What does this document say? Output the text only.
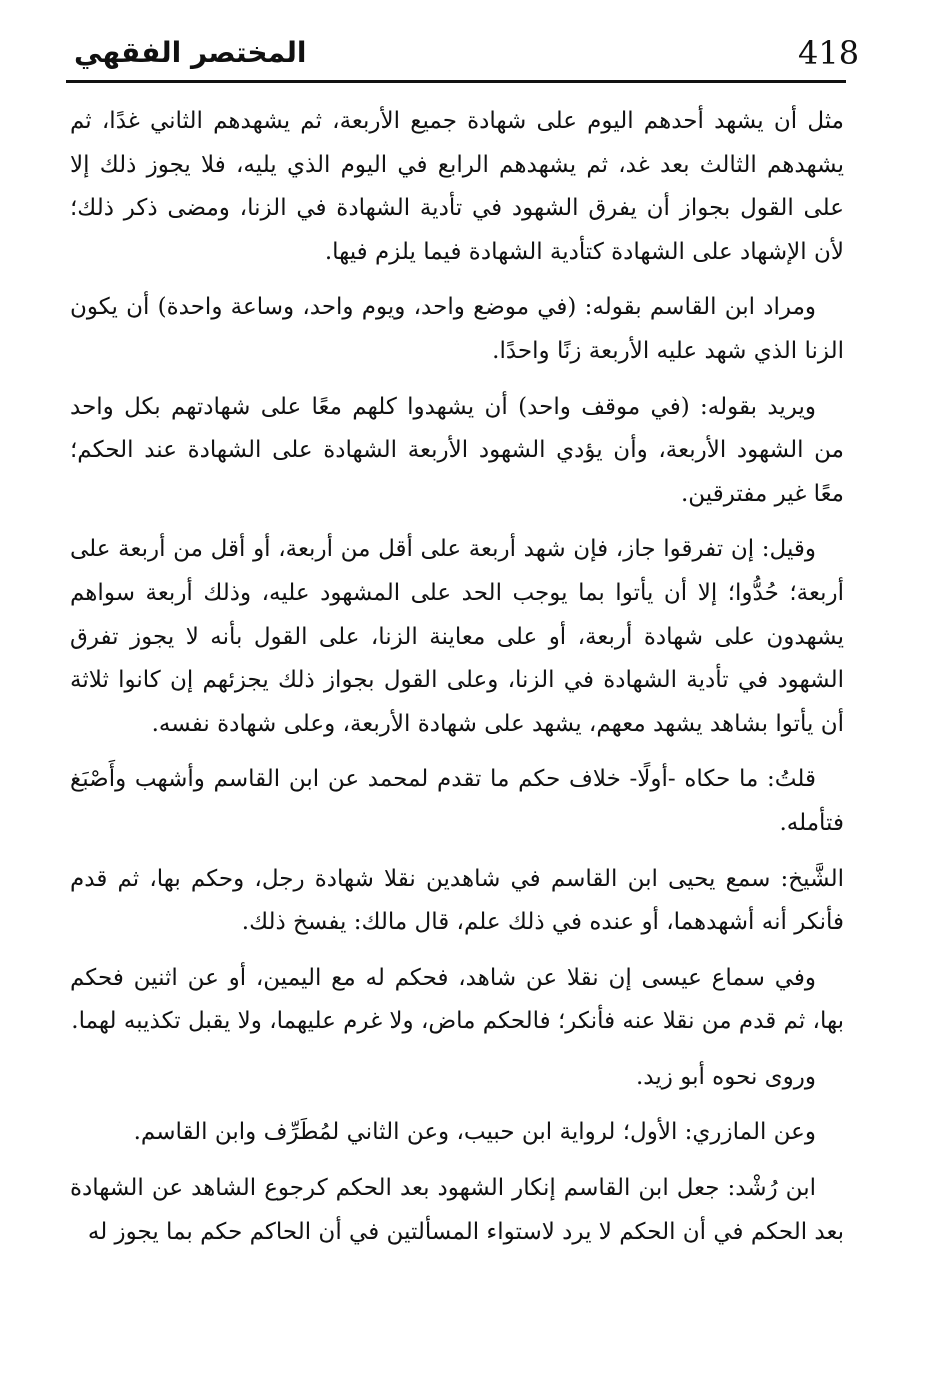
418
المختصر الفقهي

مثل أن يشهد أحدهم اليوم على شهادة جميع الأربعة، ثم يشهدهم الثاني غدًا، ثم يشهدهم الثالث بعد غد، ثم يشهدهم الرابع في اليوم الذي يليه، فلا يجوز ذلك إلا على القول بجواز أن يفرق الشهود في تأدية الشهادة في الزنا، ومضى ذكر ذلك؛ لأن الإشهاد على الشهادة كتأدية الشهادة فيما يلزم فيها.

ومراد ابن القاسم بقوله: (في موضع واحد، ويوم واحد، وساعة واحدة) أن يكون الزنا الذي شهد عليه الأربعة زنًا واحدًا.

ويريد بقوله: (في موقف واحد) أن يشهدوا كلهم معًا على شهادتهم بكل واحد من الشهود الأربعة، وأن يؤدي الشهود الأربعة الشهادة على الشهادة عند الحكم؛ معًا غير مفترقين.

وقيل: إن تفرقوا جاز، فإن شهد أربعة على أقل من أربعة، أو أقل من أربعة على أربعة؛ حُدُّوا؛ إلا أن يأتوا بما يوجب الحد على المشهود عليه، وذلك أربعة سواهم يشهدون على شهادة أربعة، أو على معاينة الزنا، على القول بأنه لا يجوز تفرق الشهود في تأدية الشهادة في الزنا، وعلى القول بجواز ذلك يجزئهم إن كانوا ثلاثة أن يأتوا بشاهد يشهد معهم، يشهد على شهادة الأربعة، وعلى شهادة نفسه.

قلتُ: ما حكاه -أولًا- خلاف حكم ما تقدم لمحمد عن ابن القاسم وأشهب وأَصْبَغ فتأمله.

الشَّيخ: سمع يحيى ابن القاسم في شاهدين نقلا شهادة رجل، وحكم بها، ثم قدم فأنكر أنه أشهدهما، أو عنده في ذلك علم، قال مالك: يفسخ ذلك.

وفي سماع عيسى إن نقلا عن شاهد، فحكم له مع اليمين، أو عن اثنين فحكم بها، ثم قدم من نقلا عنه فأنكر؛ فالحكم ماض، ولا غرم عليهما، ولا يقبل تكذيبه لهما.

وروى نحوه أبو زيد.

وعن المازري: الأول؛ لرواية ابن حبيب، وعن الثاني لمُطَرِّف وابن القاسم.

ابن رُشْد: جعل ابن القاسم إنكار الشهود بعد الحكم كرجوع الشاهد عن الشهادة بعد الحكم في أن الحكم لا يرد لاستواء المسألتين في أن الحاكم حكم بما يجوز له
